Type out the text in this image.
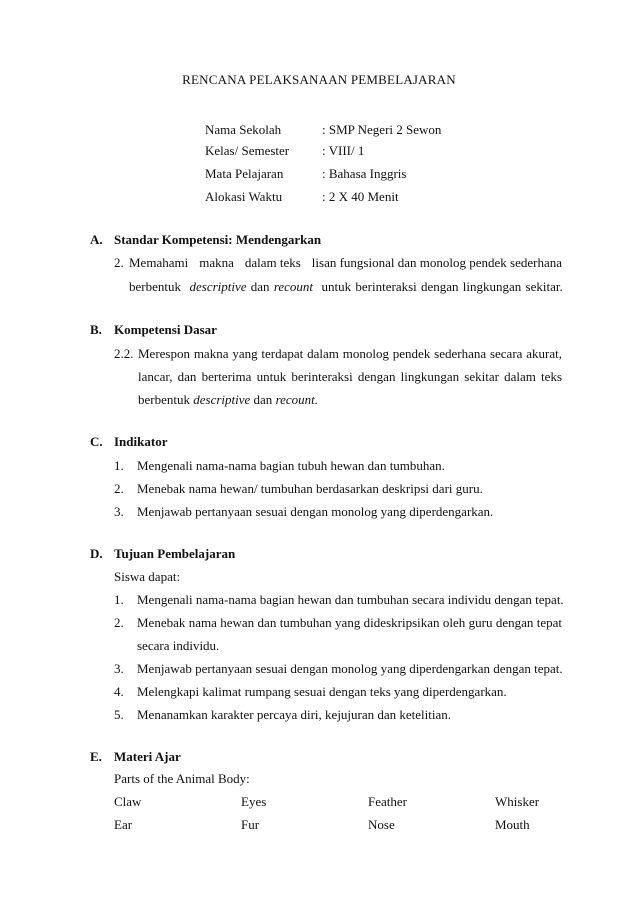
RENCANA PELAKSANAAN PEMBELAJARAN
Nama Sekolah	: SMP Negeri 2 Sewon
Kelas/ Semester	: VIII/ 1
Mata Pelajaran	: Bahasa Inggris
Alokasi Waktu	: 2 X 40 Menit
A. Standar Kompetensi: Mendengarkan
2. Memahami makna dalam teks lisan fungsional dan monolog pendek sederhana
berbentuk descriptive dan recount untuk berinteraksi dengan lingkungan sekitar.
B. Kompetensi Dasar
2.2. Merespon makna yang terdapat dalam monolog pendek sederhana secara akurat,
lancar, dan berterima untuk berinteraksi dengan lingkungan sekitar dalam teks
berbentuk descriptive dan recount.
C. Indikator
1. Mengenali nama-nama bagian tubuh hewan dan tumbuhan.
2. Menebak nama hewan/ tumbuhan berdasarkan deskripsi dari guru.
3. Menjawab pertanyaan sesuai dengan monolog yang diperdengarkan.
D. Tujuan Pembelajaran
Siswa dapat:
1. Mengenali nama-nama bagian hewan dan tumbuhan secara individu dengan tepat.
2. Menebak nama hewan dan tumbuhan yang dideskripsikan oleh guru dengan tepat
secara individu.
3. Menjawab pertanyaan sesuai dengan monolog yang diperdengarkan dengan tepat.
4. Melengkapi kalimat rumpang sesuai dengan teks yang diperdengarkan.
5. Menanamkan karakter percaya diri, kejujuran dan ketelitian.
E. Materi Ajar
Parts of the Animal Body:
Claw	Eyes	Feather	Whisker
Ear	Fur	Nose	Mouth
